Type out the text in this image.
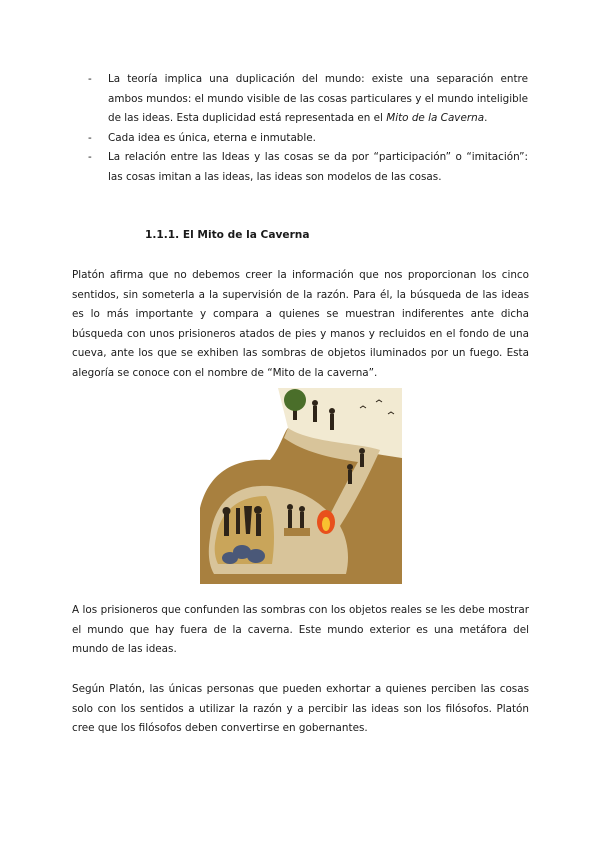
- La teoría implica una duplicación del mundo: existe una separación entre ambos mundos: el mundo visible de las cosas particulares y el mundo inteligible de las ideas. Esta duplicidad está representada en el Mito de la Caverna.
- Cada idea es única, eterna e inmutable.
- La relación entre las Ideas y las cosas se da por “participación” o “imitación”: las cosas imitan a las ideas, las ideas son modelos de las cosas.
1.1.1. El Mito de la Caverna

Platón afirma que no debemos creer la información que nos proporcionan los cinco sentidos, sin someterla a la supervisión de la razón. Para él, la búsqueda de las ideas es lo más importante y compara a quienes se muestran indiferentes ante dicha búsqueda con unos prisioneros atados de pies y manos y recluidos en el fondo de una cueva, ante los que se exhiben las sombras de objetos iluminados por un fuego. Esta alegoría se conoce con el nombre de “Mito de la caverna”.

A los prisioneros que confunden las sombras con los objetos reales se les debe mostrar el mundo que hay fuera de la caverna. Este mundo exterior es una metáfora del mundo de las ideas.

Según Platón, las únicas personas que pueden exhortar a quienes perciben las cosas solo con los sentidos a utilizar la razón y a percibir las ideas son los filósofos. Platón cree que los filósofos deben convertirse en gobernantes.
